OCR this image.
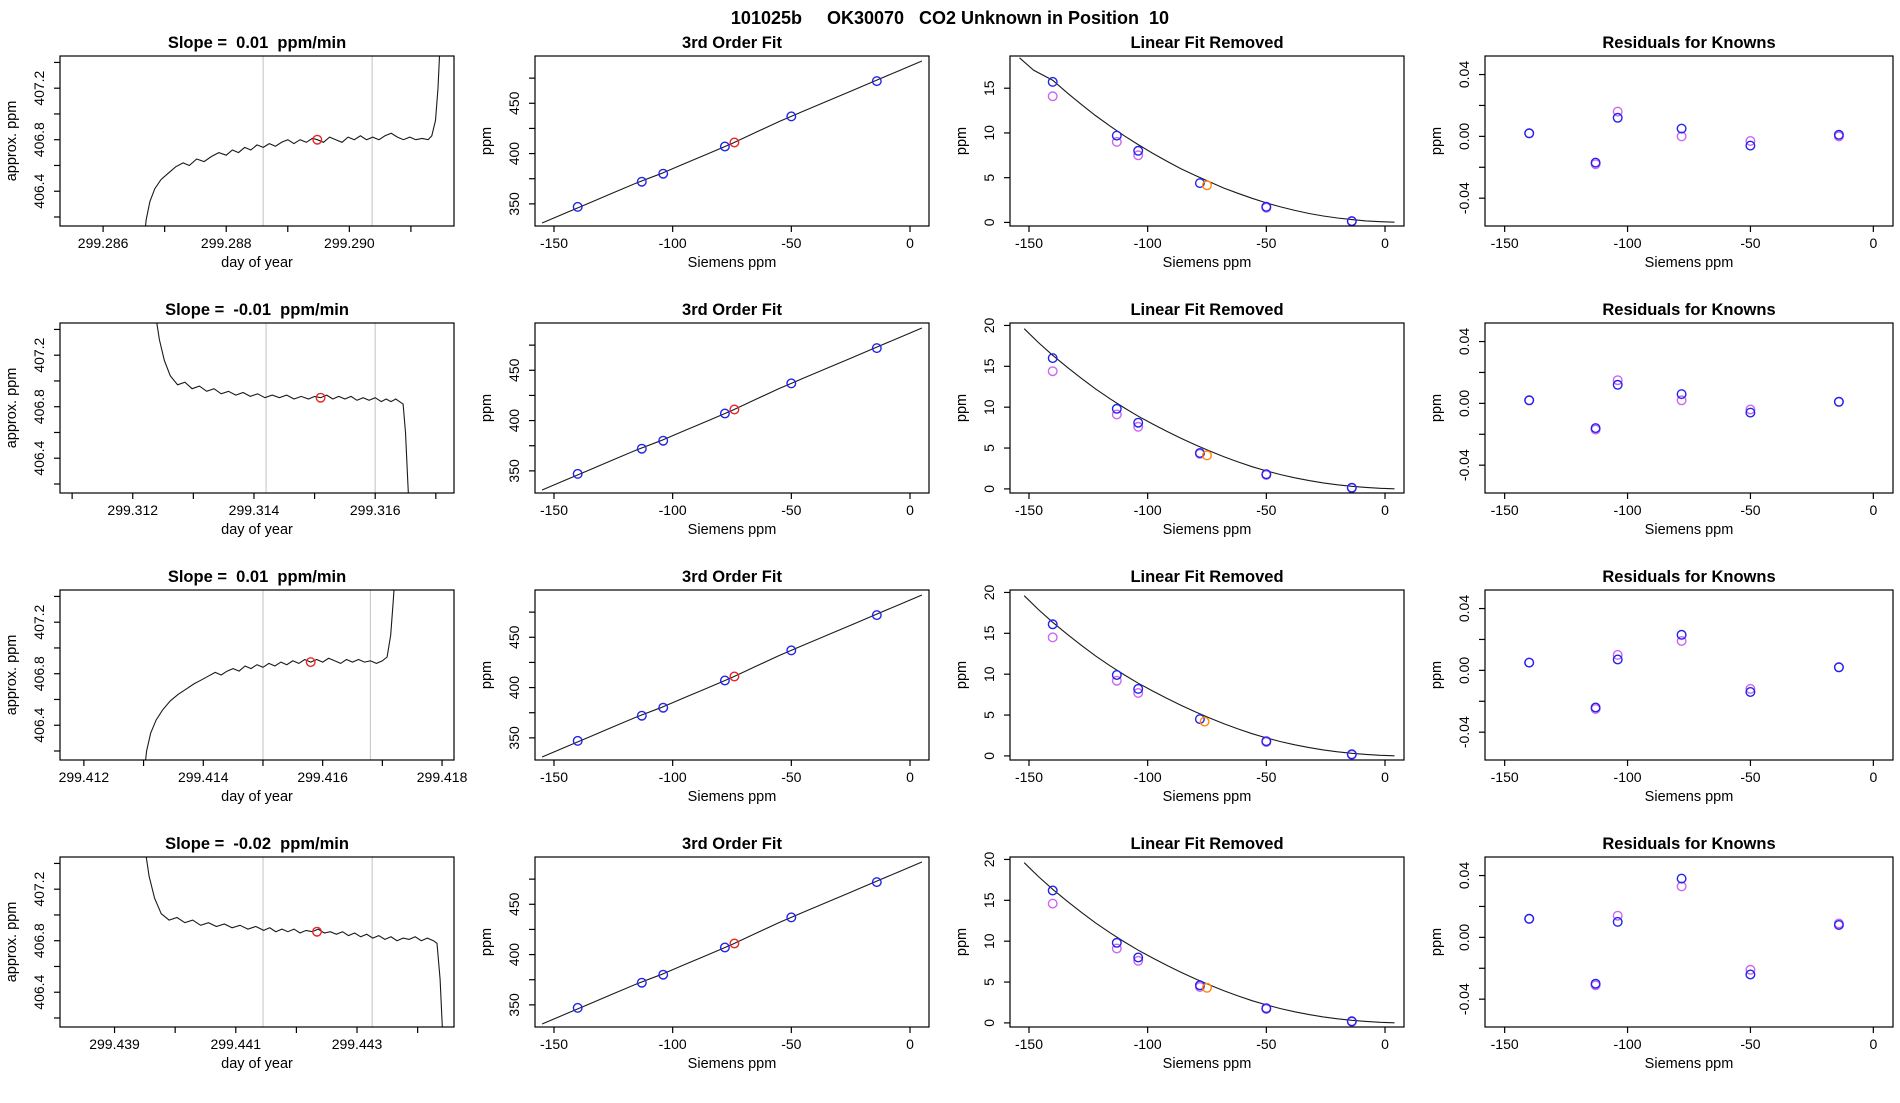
101025b     OK30070   CO2 Unknown in Position  10
Slope =  0.01  ppm/min
299.286	299.288	299.290
day of year
406.4
406.8
407.2
approx. ppm
3rd Order Fit
-150	-100	-50	0
Siemens ppm
350
400
450
ppm
Linear Fit Removed
-150	-100	-50	0
Siemens ppm
0
5
10
15
ppm
Residuals for Knowns
-150	-100	-50	0
Siemens ppm
-0.04
0.00
0.04
ppm
Slope =  -0.01  ppm/min
299.312	299.314	299.316
day of year
406.4
406.8
407.2
approx. ppm
3rd Order Fit
-150	-100	-50	0
Siemens ppm
350
400
450
ppm
Linear Fit Removed
-150	-100	-50	0
Siemens ppm
0
5
10
15
20
ppm
Residuals for Knowns
-150	-100	-50	0
Siemens ppm
-0.04
0.00
0.04
ppm
Slope =  0.01  ppm/min
299.412	299.414	299.416	299.418
day of year
406.4
406.8
407.2
approx. ppm
3rd Order Fit
-150	-100	-50	0
Siemens ppm
350
400
450
ppm
Linear Fit Removed
-150	-100	-50	0
Siemens ppm
0
5
10
15
20
ppm
Residuals for Knowns
-150	-100	-50	0
Siemens ppm
-0.04
0.00
0.04
ppm
Slope =  -0.02  ppm/min
299.439	299.441	299.443
day of year
406.4
406.8
407.2
approx. ppm
3rd Order Fit
-150	-100	-50	0
Siemens ppm
350
400
450
ppm
Linear Fit Removed
-150	-100	-50	0
Siemens ppm
0
5
10
15
20
ppm
Residuals for Knowns
-150	-100	-50	0
Siemens ppm
-0.04
0.00
0.04
ppm
